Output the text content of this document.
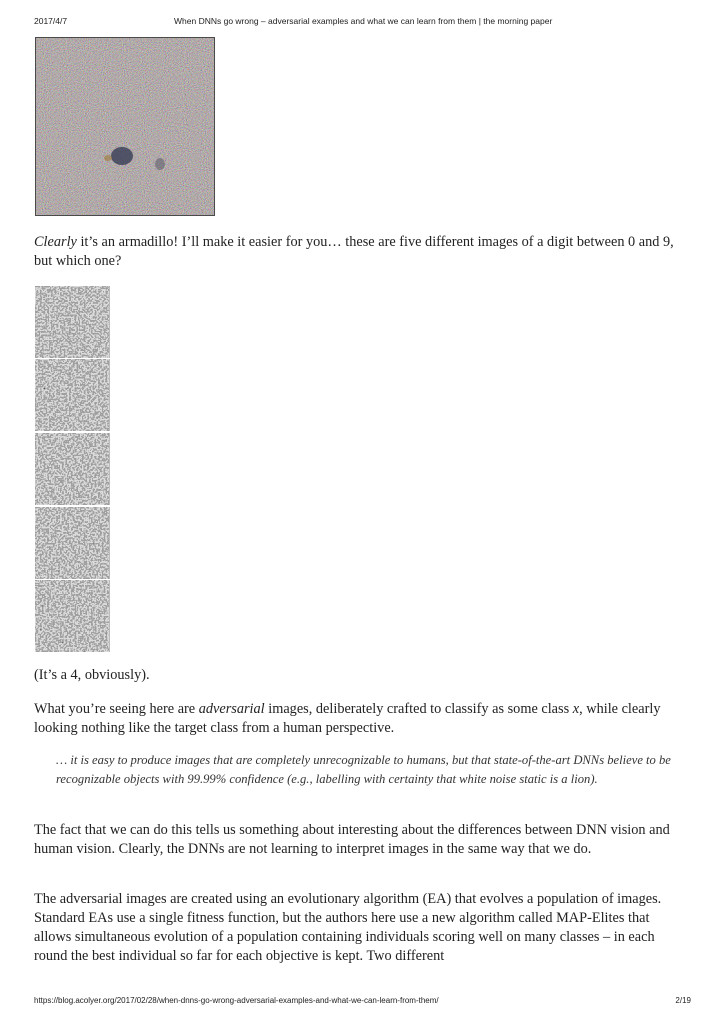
2017/4/7	When DNNs go wrong – adversarial examples and what we can learn from them | the morning paper

Clearly it’s an armadillo! I’ll make it easier for you… these are five different images of a digit between 0 and 9, but which one?

(It’s a 4, obviously).

What you’re seeing here are adversarial images, deliberately crafted to classify as some class x, while clearly looking nothing like the target class from a human perspective.

… it is easy to produce images that are completely unrecognizable to humans, but that state-of-the-art DNNs believe to be recognizable objects with 99.99% confidence (e.g., labelling with certainty that white noise static is a lion).

The fact that we can do this tells us something about interesting about the differences between DNN vision and human vision. Clearly, the DNNs are not learning to interpret images in the same way that we do.

The adversarial images are created using an evolutionary algorithm (EA) that evolves a population of images. Standard EAs use a single fitness function, but the authors here use a new algorithm called MAP-Elites that allows simultaneous evolution of a population containing individuals scoring well on many classes – in each round the best individual so far for each objective is kept. Two different

https://blog.acolyer.org/2017/02/28/when-dnns-go-wrong-adversarial-examples-and-what-we-can-learn-from-them/	2/19
